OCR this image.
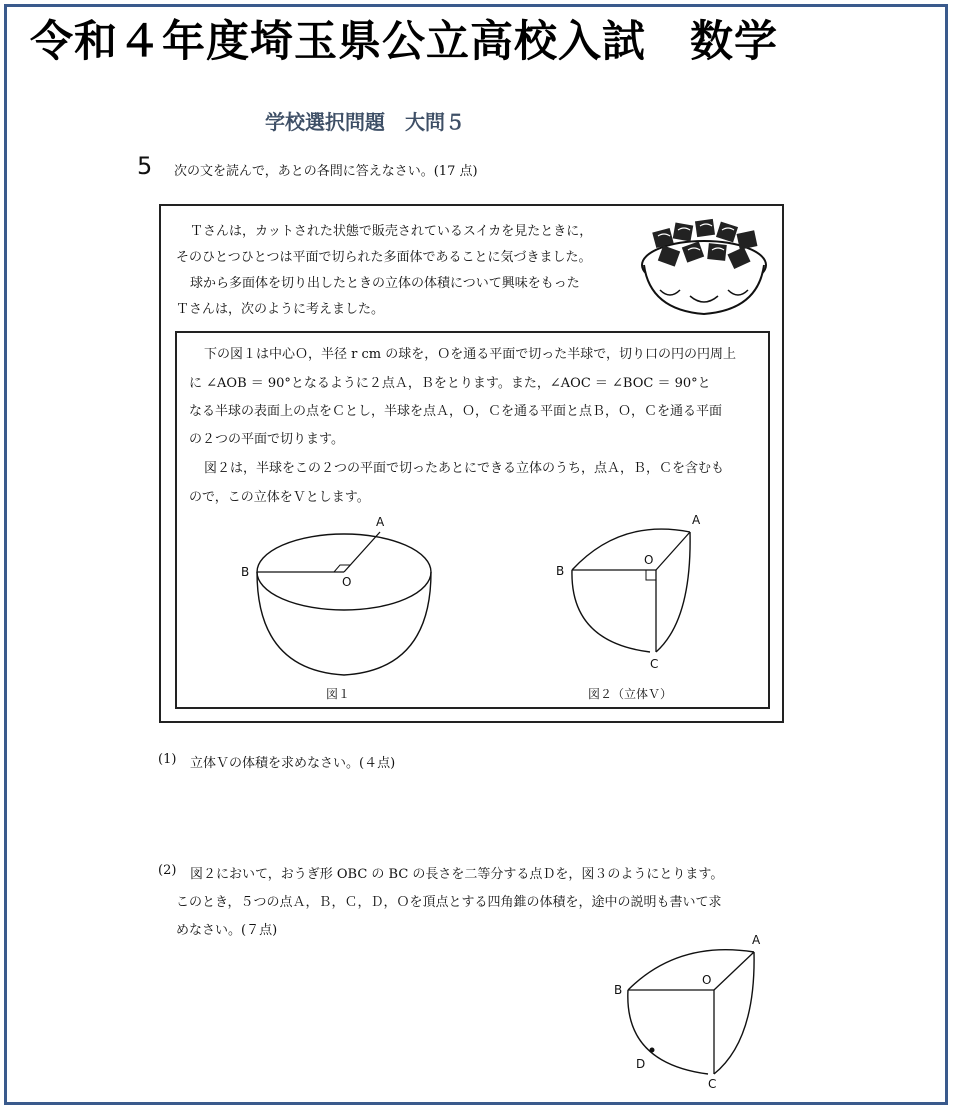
令和４年度埼玉県公立高校入試　数学
学校選択問題　大問５
5 次の文を読んで，あとの各問に答えなさい。(17 点)
Ｔさんは，カットされた状態で販売されているスイカを見たときに，
そのひとつひとつは平面で切られた多面体であることに気づきました。
球から多面体を切り出したときの立体の体積について興味をもった
Ｔさんは，次のように考えました。
下の図１は中心Ｏ，半径 r cm の球を，Ｏを通る平面で切った半球で，切り口の円の円周上
に ∠AOB ＝ 90°となるように２点Ａ，Ｂをとります。また，∠AOC ＝ ∠BOC ＝ 90°と
なる半球の表面上の点をＣとし，半球を点Ａ，Ｏ，Ｃを通る平面と点Ｂ，Ｏ，Ｃを通る平面
の２つの平面で切ります。
図２は，半球をこの２つの平面で切ったあとにできる立体のうち，点Ａ，Ｂ，Ｃを含むも
ので，この立体をＶとします。
A
B
O
図１
A
B
O
C
図２（立体Ｖ）
(1) 立体Ｖの体積を求めなさい。(４点)
(2) 図２において，おうぎ形 OBC の BC の長さを二等分する点Ｄを，図３のようにとります。
このとき，５つの点Ａ，Ｂ，Ｃ，Ｄ，Ｏを頂点とする四角錐の体積を，途中の説明も書いて求
めなさい。(７点)
A
B
O
C
D
